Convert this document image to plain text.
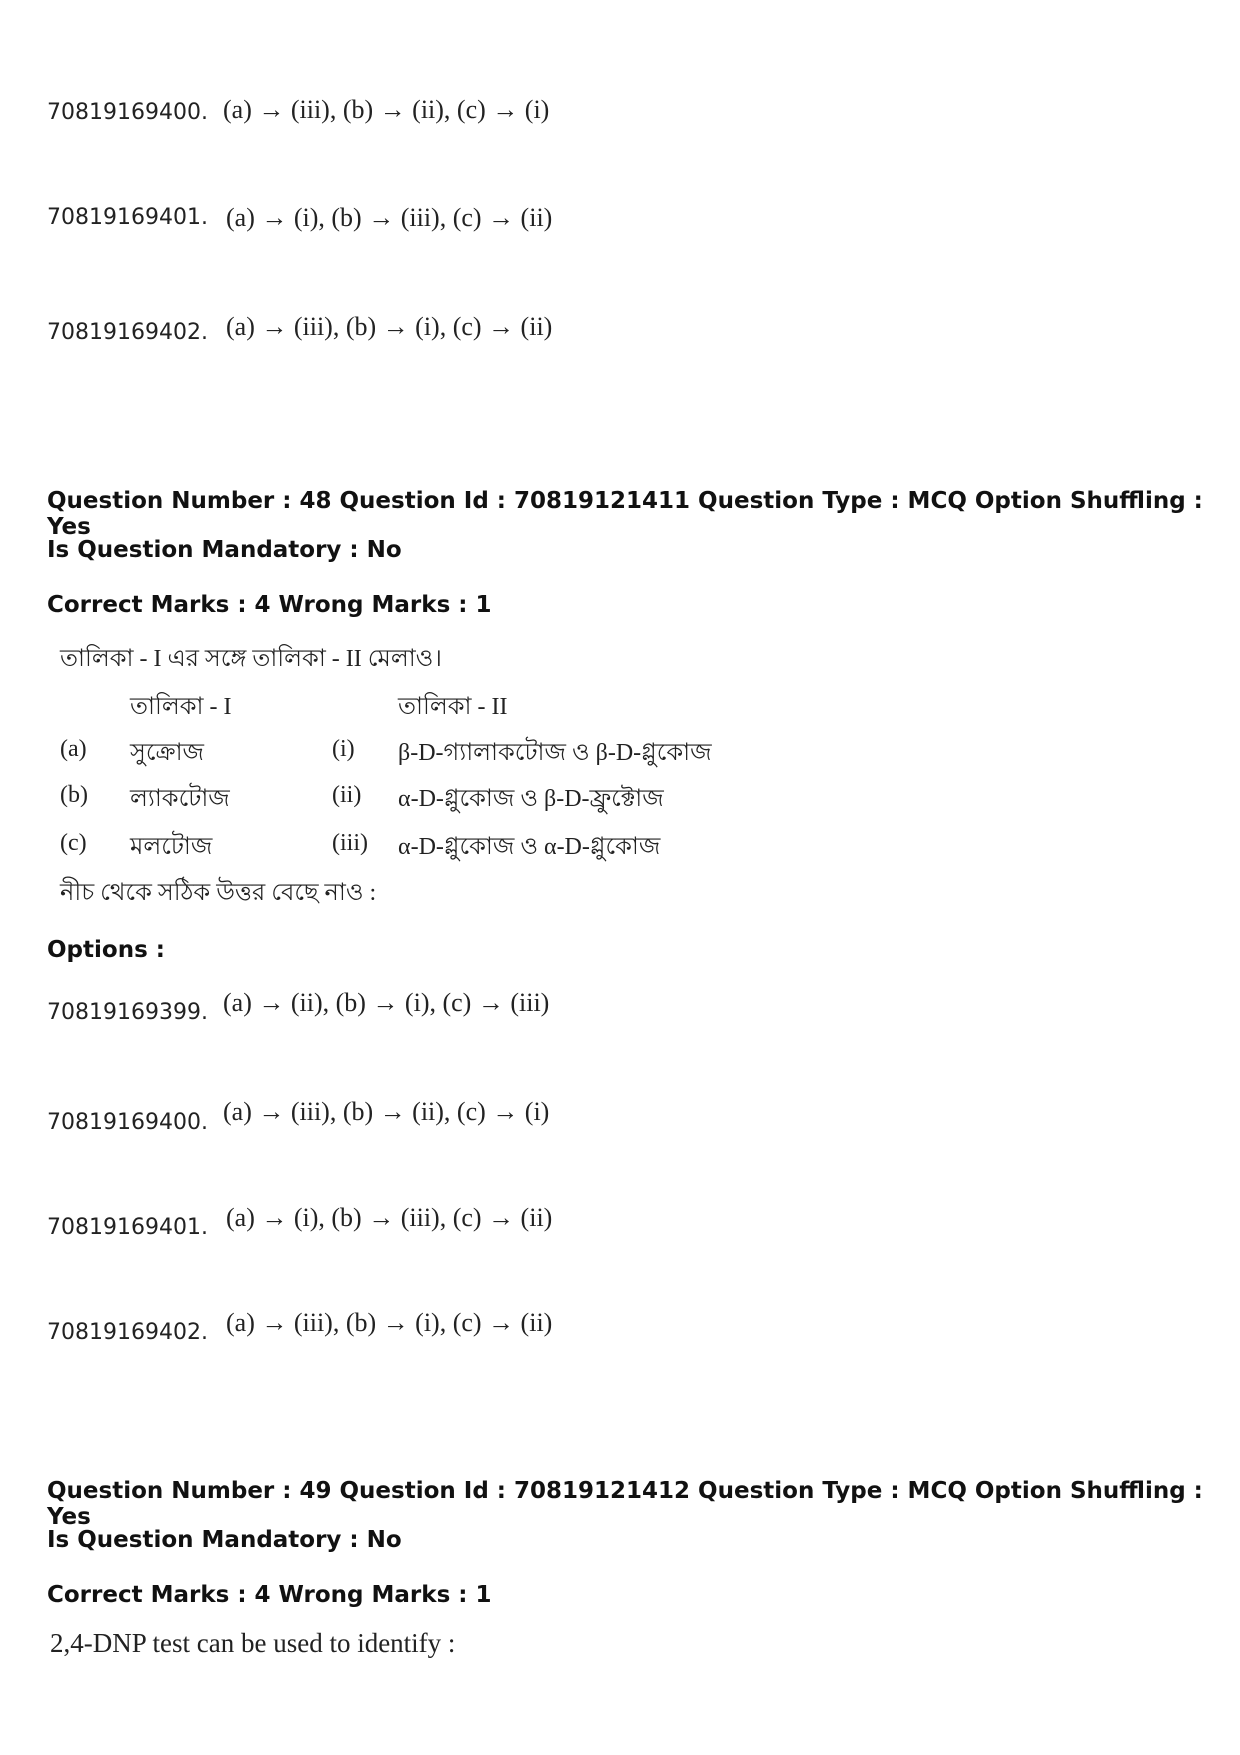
70819169400. (a) → (iii), (b) → (ii), (c) → (i)
70819169401. (a) → (i), (b) → (iii), (c) → (ii)
70819169402. (a) → (iii), (b) → (i), (c) → (ii)
Question Number : 48 Question Id : 70819121411 Question Type : MCQ Option Shuffling : Yes
Is Question Mandatory : No
Correct Marks : 4 Wrong Marks : 1
তালিকা - I এর সঙ্গে তালিকা - II মেলাও।
তালিকা - I	তালিকা - II
(a) সুক্রোজ	(i) β-D-গ্যালাকটোজ ও β-D-গ্লুকোজ
(b) ল্যাকটোজ	(ii) α-D-গ্লুকোজ ও β-D-ফ্রুক্টোজ
(c) মলটোজ	(iii) α-D-গ্লুকোজ ও α-D-গ্লুকোজ
নীচ থেকে সঠিক উত্তর বেছে নাও :
Options :
70819169399. (a) → (ii), (b) → (i), (c) → (iii)
70819169400. (a) → (iii), (b) → (ii), (c) → (i)
70819169401. (a) → (i), (b) → (iii), (c) → (ii)
70819169402. (a) → (iii), (b) → (i), (c) → (ii)
Question Number : 49 Question Id : 70819121412 Question Type : MCQ Option Shuffling : Yes
Is Question Mandatory : No
Correct Marks : 4 Wrong Marks : 1
2,4-DNP test can be used to identify :
